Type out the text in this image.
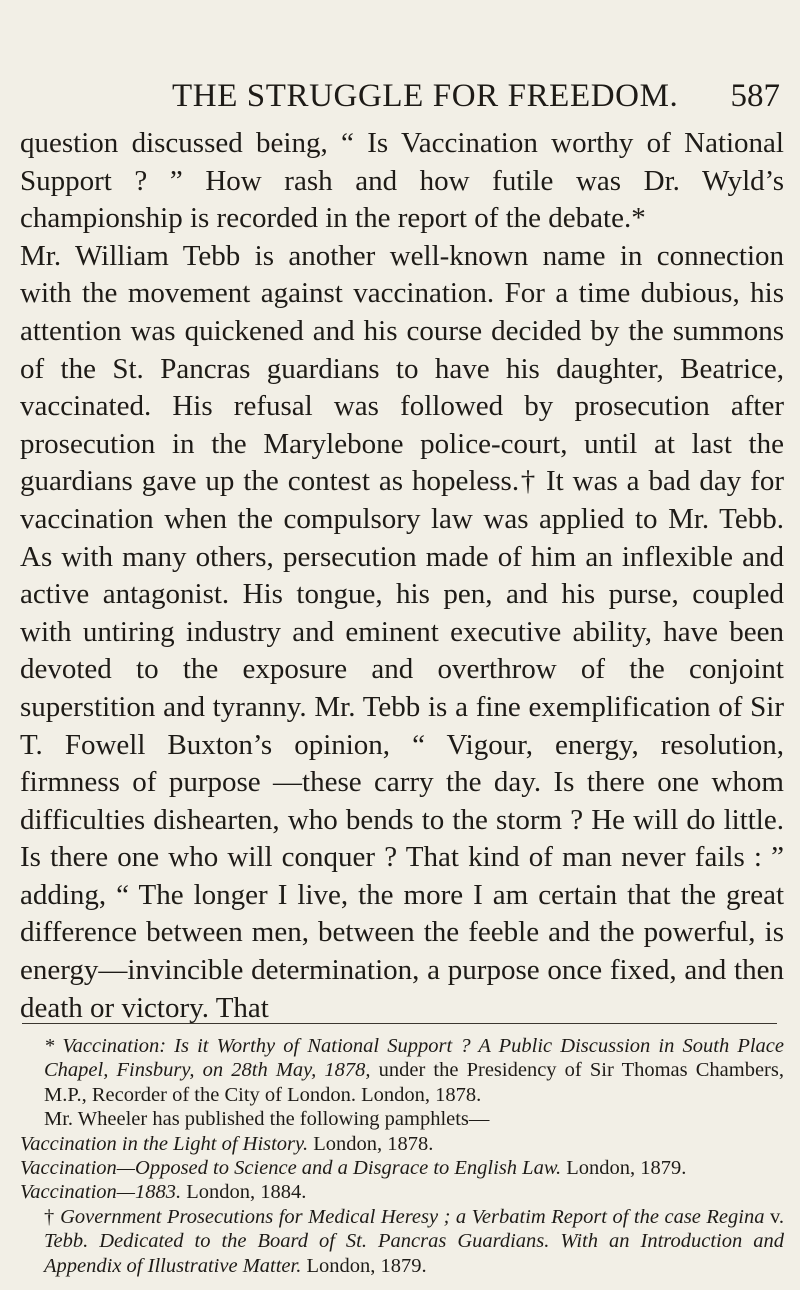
THE STRUGGLE FOR FREEDOM. 587

question discussed being, “ Is Vaccination worthy of National Support ? ” How rash and how futile was Dr. Wyld’s championship is recorded in the report of the debate.*

Mr. William Tebb is another well-known name in connection with the movement against vaccination. For a time dubious, his attention was quickened and his course decided by the summons of the St. Pancras guardians to have his daughter, Beatrice, vaccinated. His refusal was followed by prosecution after prosecution in the Marylebone police-court, until at last the guardians gave up the contest as hopeless.† It was a bad day for vaccination when the compulsory law was applied to Mr. Tebb. As with many others, persecution made of him an inflexible and active antagonist. His tongue, his pen, and his purse, coupled with untiring industry and eminent executive ability, have been devoted to the exposure and overthrow of the conjoint superstition and tyranny. Mr. Tebb is a fine exemplification of Sir T. Fowell Buxton’s opinion, “ Vigour, energy, resolution, firmness of purpose —these carry the day. Is there one whom difficulties dishearten, who bends to the storm ? He will do little. Is there one who will conquer ? That kind of man never fails : ” adding, “ The longer I live, the more I am certain that the great difference between men, between the feeble and the powerful, is energy—invincible determination, a purpose once fixed, and then death or victory. That

* Vaccination: Is it Worthy of National Support ? A Public Discussion in South Place Chapel, Finsbury, on 28th May, 1878, under the Presidency of Sir Thomas Chambers, M.P., Recorder of the City of London. London, 1878.

Mr. Wheeler has published the following pamphlets—

Vaccination in the Light of History. London, 1878.

Vaccination—Opposed to Science and a Disgrace to English Law. London, 1879.

Vaccination—1883. London, 1884.

† Government Prosecutions for Medical Heresy ; a Verbatim Report of the case Regina v. Tebb. Dedicated to the Board of St. Pancras Guardians. With an Introduction and Appendix of Illustrative Matter. London, 1879.
